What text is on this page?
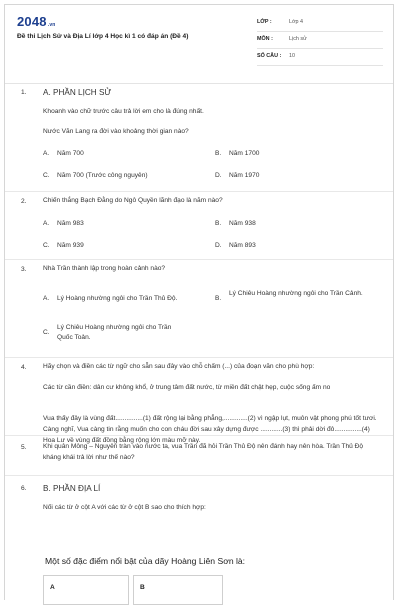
2048.vn
Đề thi Lịch Sử và Địa Lí lớp 4 Học kì 1 có đáp án (Đề 4)
LỚP :	Lớp 4
MÔN :	Lịch sử
SỐ CÂU : 10
1. A. PHẦN LỊCH SỬ
Khoanh vào chữ trước câu trả lời em cho là đúng nhất.
Nước Văn Lang ra đời vào khoảng thời gian nào?
A. Năm 700	B. Năm 1700
C. Năm 700 (Trước công nguyên)	D. Năm 1970
2.	Chiến thắng Bạch Đằng do Ngô Quyền lãnh đạo là năm nào?
A. Năm 983	B. Năm 938
C. Năm 939	D. Năm 893
3.	Nhà Trần thành lập trong hoàn cảnh nào?
A. Lý Hoàng nhường ngôi cho Trần Thủ Độ.	B.
Lý Chiêu Hoàng nhường ngôi cho Trần Cảnh.
C.
Lý Chiêu Hoàng nhường ngôi cho Trần Quốc Toản.
4.	Hãy chọn và điền các từ ngữ cho sẵn sau đây vào chỗ chấm (...) của đoạn văn cho phù hợp:
Các từ cần điền: dân cư không khổ, ở trung tâm đất nước, từ miền đất chật hẹp, cuộc sống ấm no
Vua thấy đây là vùng đất...............(1) đất rộng lại bằng phẳng,.............(2) vì ngập lụt, muôn vật phong phú tốt tươi. Càng nghĩ, Vua càng tin rằng muốn cho con cháu đời sau xây dựng được ............(3) thì phải dời đô...............(4) Hoa Lư về vùng đất đồng bằng rộng lớn màu mỡ này.
5.	Khi quân Mông – Nguyên tràn vào nước ta, vua Trần đã hỏi Trần Thủ Độ nên đánh hay nên hòa. Trần Thủ Độ kháng khái trả lời như thế nào?
6. B. PHẦN ĐỊA LÍ
Nối các từ ở cột A với các từ ở cột B sao cho thích hợp:
Một số đặc điểm nổi bật của dãy Hoàng Liên Sơn là:
A	B
